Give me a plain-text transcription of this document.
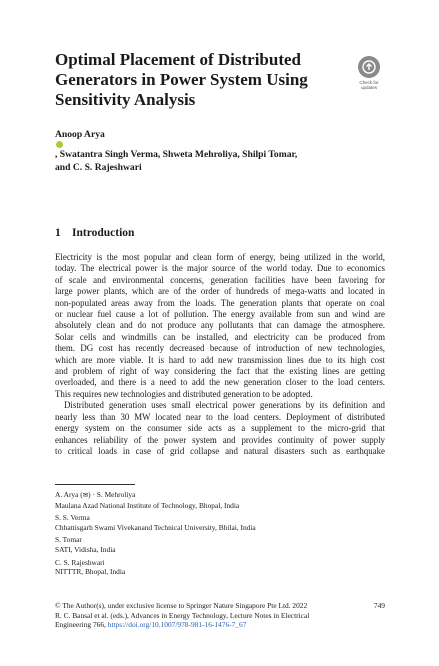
Optimal Placement of Distributed
Generators in Power System Using
Sensitivity Analysis
Check for
updates
Anoop Arya
, Swatantra Singh Verma, Shweta Mehroliya, Shilpi Tomar,
and C. S. Rajeshwari
1 Introduction
Electricity is the most popular and clean form of energy, being utilized in the world,
today. The electrical power is the major source of the world today. Due to economics
of scale and environmental concerns, generation facilities have been favoring for
large power plants, which are of the order of hundreds of mega-watts and located in
non-populated areas away from the loads. The generation plants that operate on coal
or nuclear fuel cause a lot of pollution. The energy available from sun and wind are
absolutely clean and do not produce any pollutants that can damage the atmosphere.
Solar cells and windmills can be installed, and electricity can be produced from
them. DG cost has recently decreased because of introduction of new technologies,
which are more viable. It is hard to add new transmission lines due to its high cost
and problem of right of way considering the fact that the existing lines are getting
overloaded, and there is a need to add the new generation closer to the load centers.
This requires new technologies and distributed generation to be adopted.
Distributed generation uses small electrical power generations by its definition and
nearly less than 30 MW located near to the load centers. Deployment of distributed
energy system on the consumer side acts as a supplement to the micro-grid that
enhances reliability of the power system and provides continuity of power supply
to critical loads in case of grid collapse and natural disasters such as earthquake
A. Arya (✉) · S. Mehroliya
Maulana Azad National Institute of Technology, Bhopal, India
S. S. Verma
Chhattisgarh Swami Vivekanand Technical University, Bhilai, India
S. Tomar
SATI, Vidisha, India
C. S. Rajeshwari
NITTTR, Bhopal, India
© The Author(s), under exclusive license to Springer Nature Singapore Pte Ltd. 2022	749
R. C. Bansal et al. (eds.), Advances in Energy Technology, Lecture Notes in Electrical
Engineering 766, https://doi.org/10.1007/978-981-16-1476-7_67
